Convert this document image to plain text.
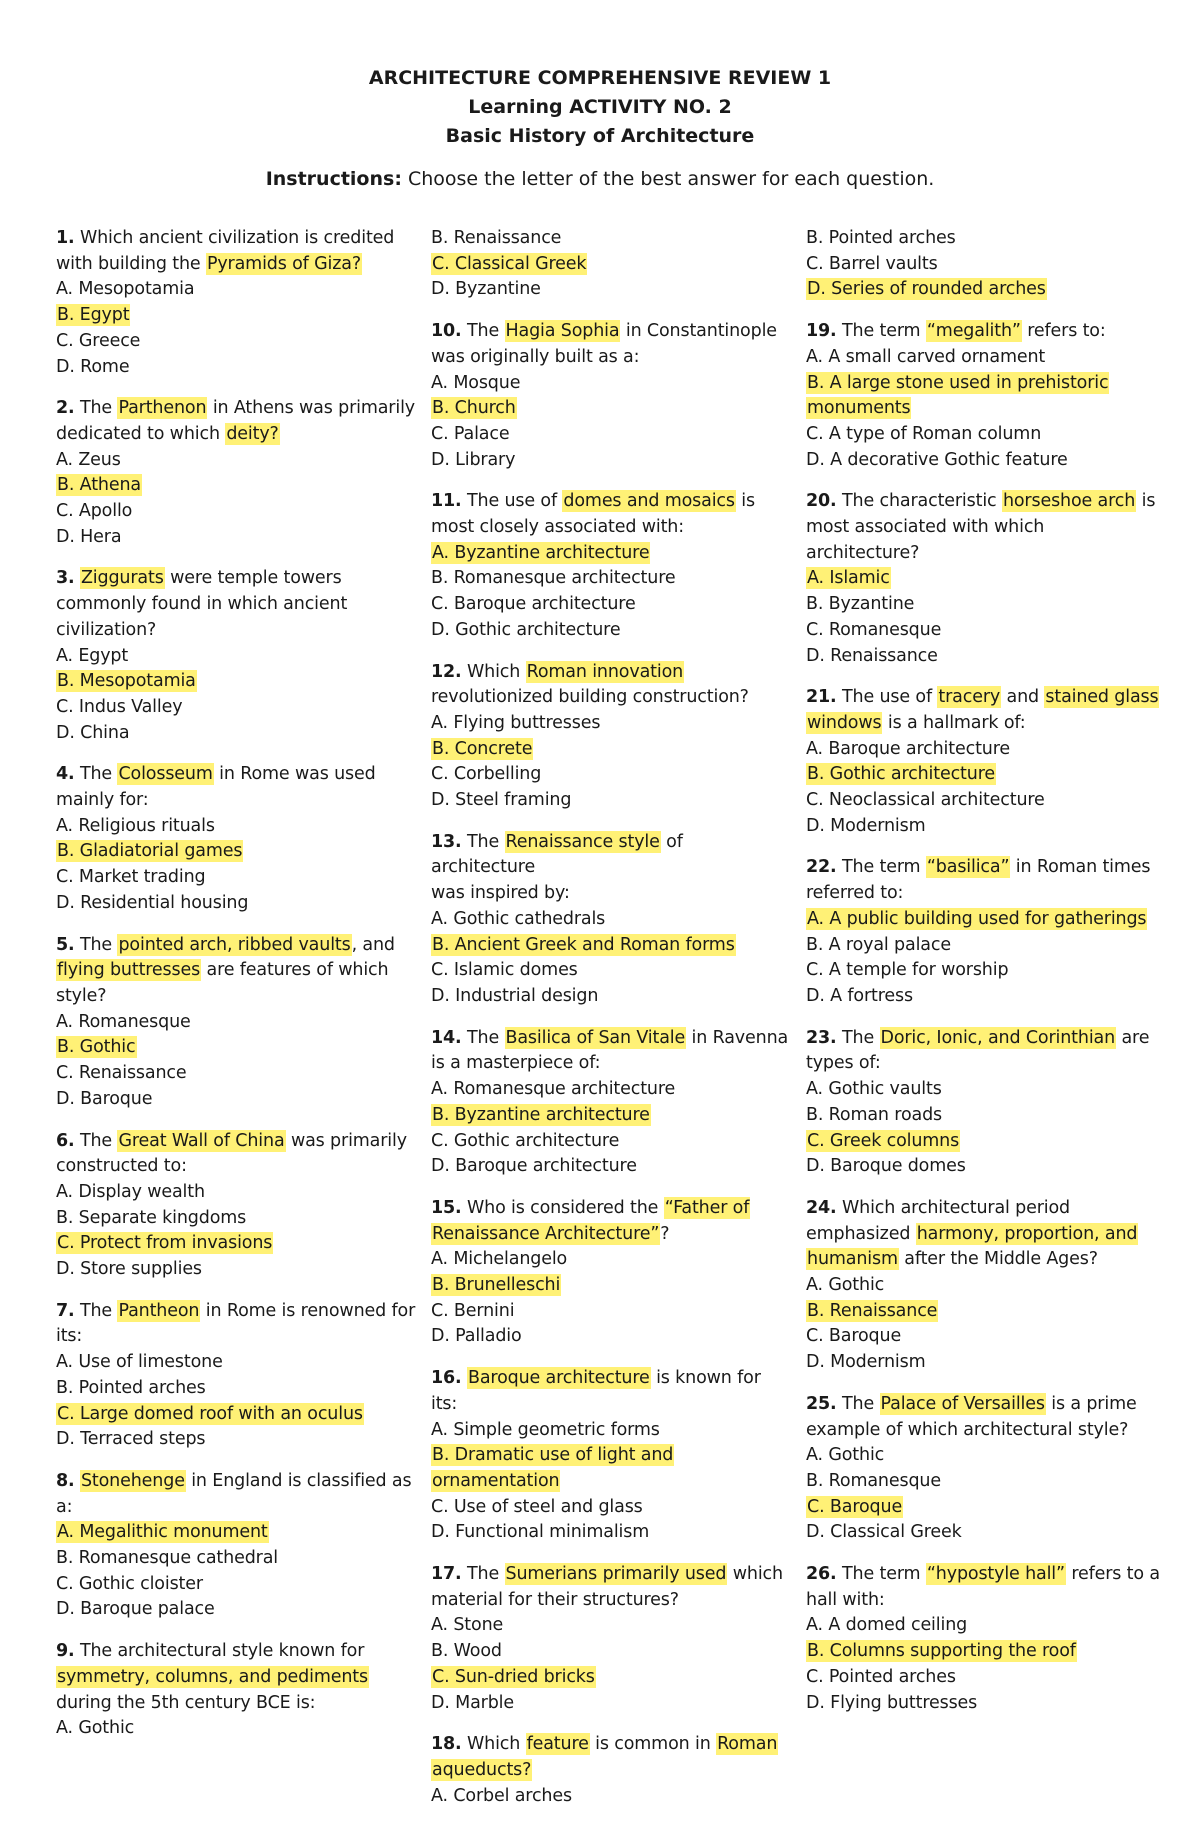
ARCHITECTURE COMPREHENSIVE REVIEW 1
Learning ACTIVITY NO. 2
Basic History of Architecture
Instructions: Choose the letter of the best answer for each question.
1. Which ancient civilization is credited
with building the Pyramids of Giza?
A. Mesopotamia
B. Egypt
C. Greece
D. Rome
2. The Parthenon in Athens was primarily
dedicated to which deity?
A. Zeus
B. Athena
C. Apollo
D. Hera
3. Ziggurats were temple towers
commonly found in which ancient
civilization?
A. Egypt
B. Mesopotamia
C. Indus Valley
D. China
4. The Colosseum in Rome was used
mainly for:
A. Religious rituals
B. Gladiatorial games
C. Market trading
D. Residential housing
5. The pointed arch, ribbed vaults, and
flying buttresses are features of which
style?
A. Romanesque
B. Gothic
C. Renaissance
D. Baroque
6. The Great Wall of China was primarily
constructed to:
A. Display wealth
B. Separate kingdoms
C. Protect from invasions
D. Store supplies
7. The Pantheon in Rome is renowned for
its:
A. Use of limestone
B. Pointed arches
C. Large domed roof with an oculus
D. Terraced steps
8. Stonehenge in England is classified as
a:
A. Megalithic monument
B. Romanesque cathedral
C. Gothic cloister
D. Baroque palace
9. The architectural style known for
symmetry, columns, and pediments
during the 5th century BCE is:
A. Gothic
B. Renaissance
C. Classical Greek
D. Byzantine
10. The Hagia Sophia in Constantinople
was originally built as a:
A. Mosque
B. Church
C. Palace
D. Library
11. The use of domes and mosaics is
most closely associated with:
A. Byzantine architecture
B. Romanesque architecture
C. Baroque architecture
D. Gothic architecture
12. Which Roman innovation
revolutionized building construction?
A. Flying buttresses
B. Concrete
C. Corbelling
D. Steel framing
13. The Renaissance style of architecture
was inspired by:
A. Gothic cathedrals
B. Ancient Greek and Roman forms
C. Islamic domes
D. Industrial design
14. The Basilica of San Vitale in Ravenna
is a masterpiece of:
A. Romanesque architecture
B. Byzantine architecture
C. Gothic architecture
D. Baroque architecture
15. Who is considered the “Father of
Renaissance Architecture”?
A. Michelangelo
B. Brunelleschi
C. Bernini
D. Palladio
16. Baroque architecture is known for its:
A. Simple geometric forms
B. Dramatic use of light and
ornamentation
C. Use of steel and glass
D. Functional minimalism
17. The Sumerians primarily used which
material for their structures?
A. Stone
B. Wood
C. Sun-dried bricks
D. Marble
18. Which feature is common in Roman
aqueducts?
A. Corbel arches
B. Pointed arches
C. Barrel vaults
D. Series of rounded arches
19. The term “megalith” refers to:
A. A small carved ornament
B. A large stone used in prehistoric
monuments
C. A type of Roman column
D. A decorative Gothic feature
20. The characteristic horseshoe arch is
most associated with which
architecture?
A. Islamic
B. Byzantine
C. Romanesque
D. Renaissance
21. The use of tracery and stained glass
windows is a hallmark of:
A. Baroque architecture
B. Gothic architecture
C. Neoclassical architecture
D. Modernism
22. The term “basilica” in Roman times
referred to:
A. A public building used for gatherings
B. A royal palace
C. A temple for worship
D. A fortress
23. The Doric, Ionic, and Corinthian are
types of:
A. Gothic vaults
B. Roman roads
C. Greek columns
D. Baroque domes
24. Which architectural period
emphasized harmony, proportion, and
humanism after the Middle Ages?
A. Gothic
B. Renaissance
C. Baroque
D. Modernism
25. The Palace of Versailles is a prime
example of which architectural style?
A. Gothic
B. Romanesque
C. Baroque
D. Classical Greek
26. The term “hypostyle hall” refers to a
hall with:
A. A domed ceiling
B. Columns supporting the roof
C. Pointed arches
D. Flying buttresses
